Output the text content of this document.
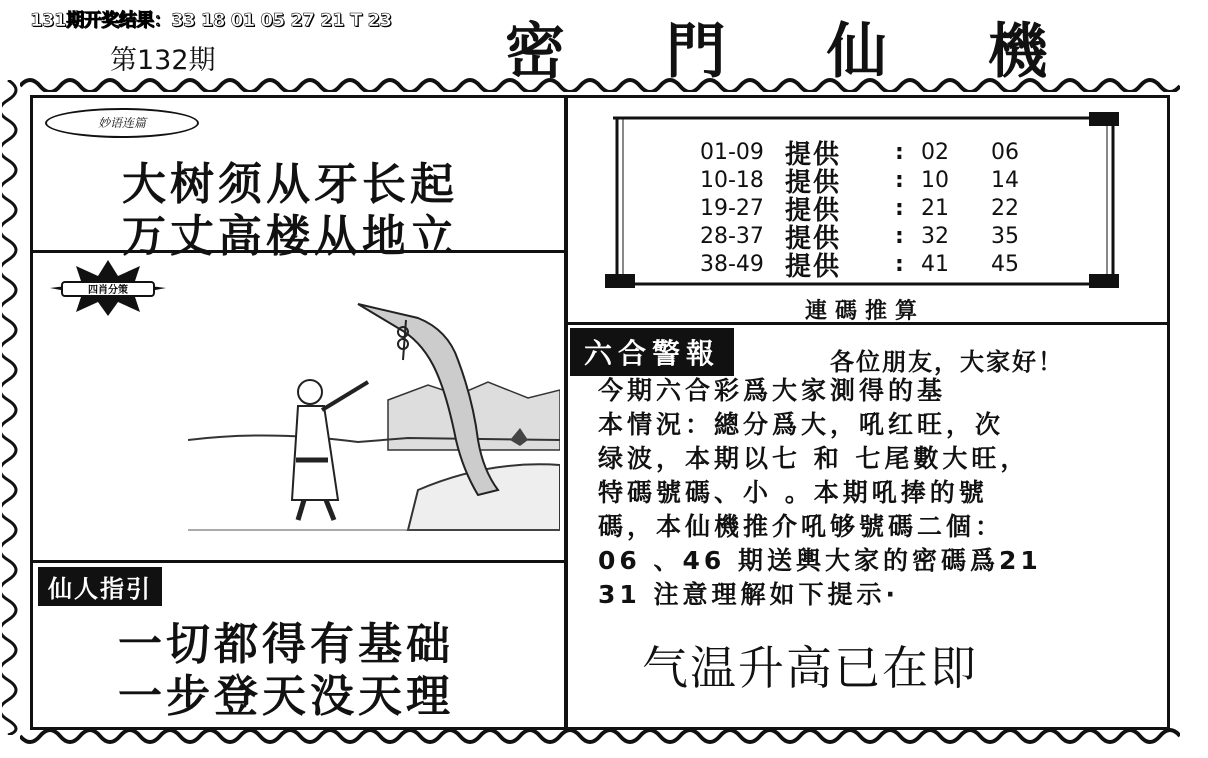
131期开奖结果：33 18 01 05 27 21 T 23
第132期	密 門 仙 機
妙语连篇
大树须从牙长起
万丈高楼从地立
四肖分策
仙人指引
一切都得有基础
一步登天没天理
01-09 提供	: 02	06
10-18 提供	: 10	14
19-27 提供	: 21	22
28-37 提供	: 32	35
38-49 提供	: 41	45
連碼推算
六合警報	各位朋友，大家好！
今期六合彩爲大家測得的基
本情況：總分爲大，吼红旺，次
绿波，本期以七 和 七尾數大旺，
特碼號碼、小 。本期吼捧的號
碼，本仙機推介吼够號碼二個：
06 、46 期送輿大家的密碼爲21
31 注意理解如下提示·
气温升高已在即
